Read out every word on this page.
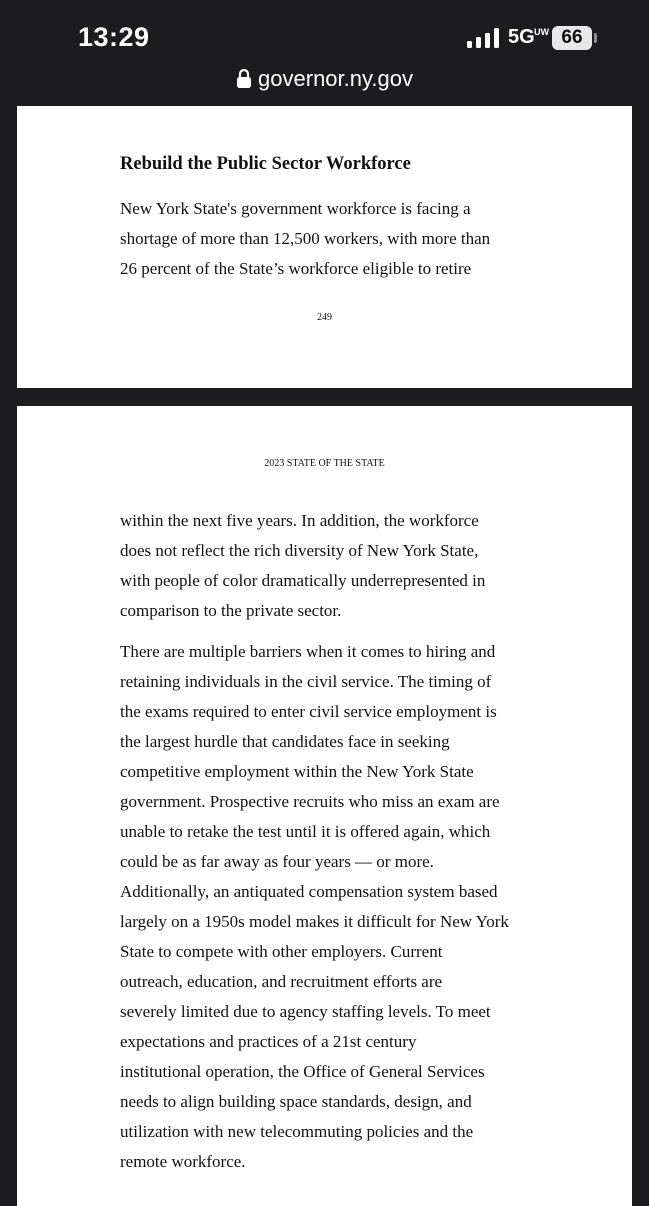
13:29	5G UW 66
governor.ny.gov
Rebuild the Public Sector Workforce
New York State's government workforce is facing a
shortage of more than 12,500 workers, with more than
26 percent of the State’s workforce eligible to retire
249
2023 STATE OF THE STATE
within the next five years. In addition, the workforce
does not reflect the rich diversity of New York State,
with people of color dramatically underrepresented in
comparison to the private sector.
There are multiple barriers when it comes to hiring and
retaining individuals in the civil service. The timing of
the exams required to enter civil service employment is
the largest hurdle that candidates face in seeking
competitive employment within the New York State
government. Prospective recruits who miss an exam are
unable to retake the test until it is offered again, which
could be as far away as four years — or more.
Additionally, an antiquated compensation system based
largely on a 1950s model makes it difficult for New York
State to compete with other employers. Current
outreach, education, and recruitment efforts are
severely limited due to agency staffing levels. To meet
expectations and practices of a 21st century
institutional operation, the Office of General Services
needs to align building space standards, design, and
utilization with new telecommuting policies and the
remote workforce.
